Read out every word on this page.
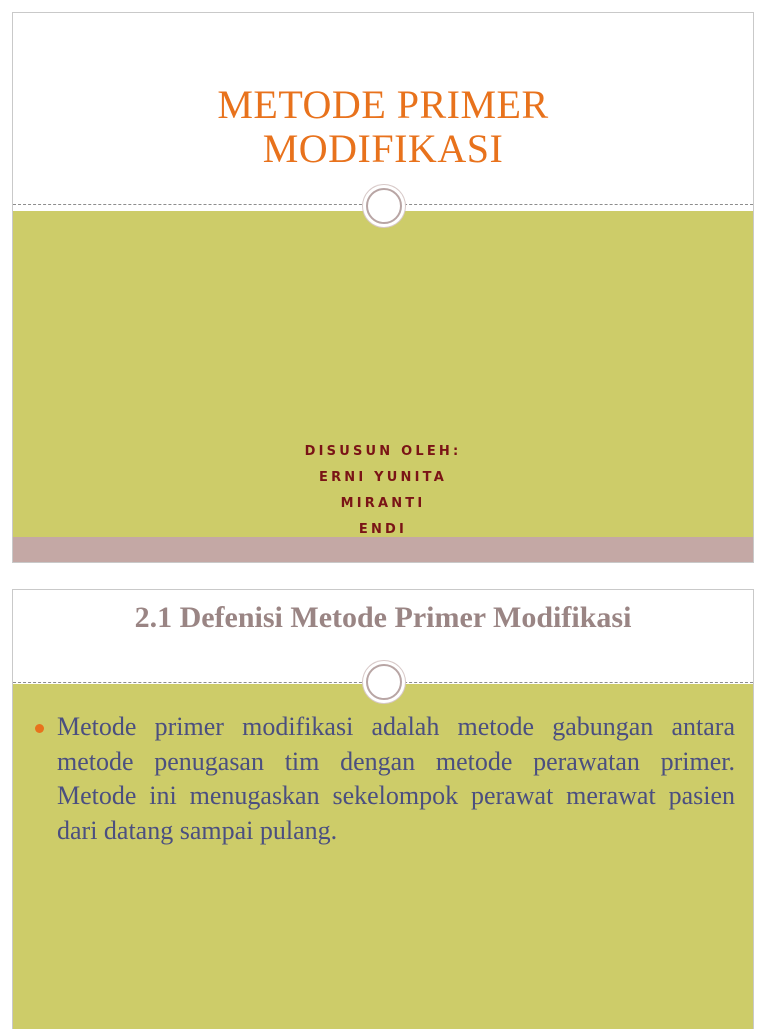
METODE PRIMER
MODIFIKASI
DISUSUN OLEH:
ERNI YUNITA
MIRANTI
ENDI
2.1 Defenisi Metode Primer Modifikasi
Metode primer modifikasi adalah metode gabungan antara metode penugasan tim dengan metode perawatan primer. Metode ini menugaskan sekelompok perawat merawat pasien dari datang sampai pulang.
